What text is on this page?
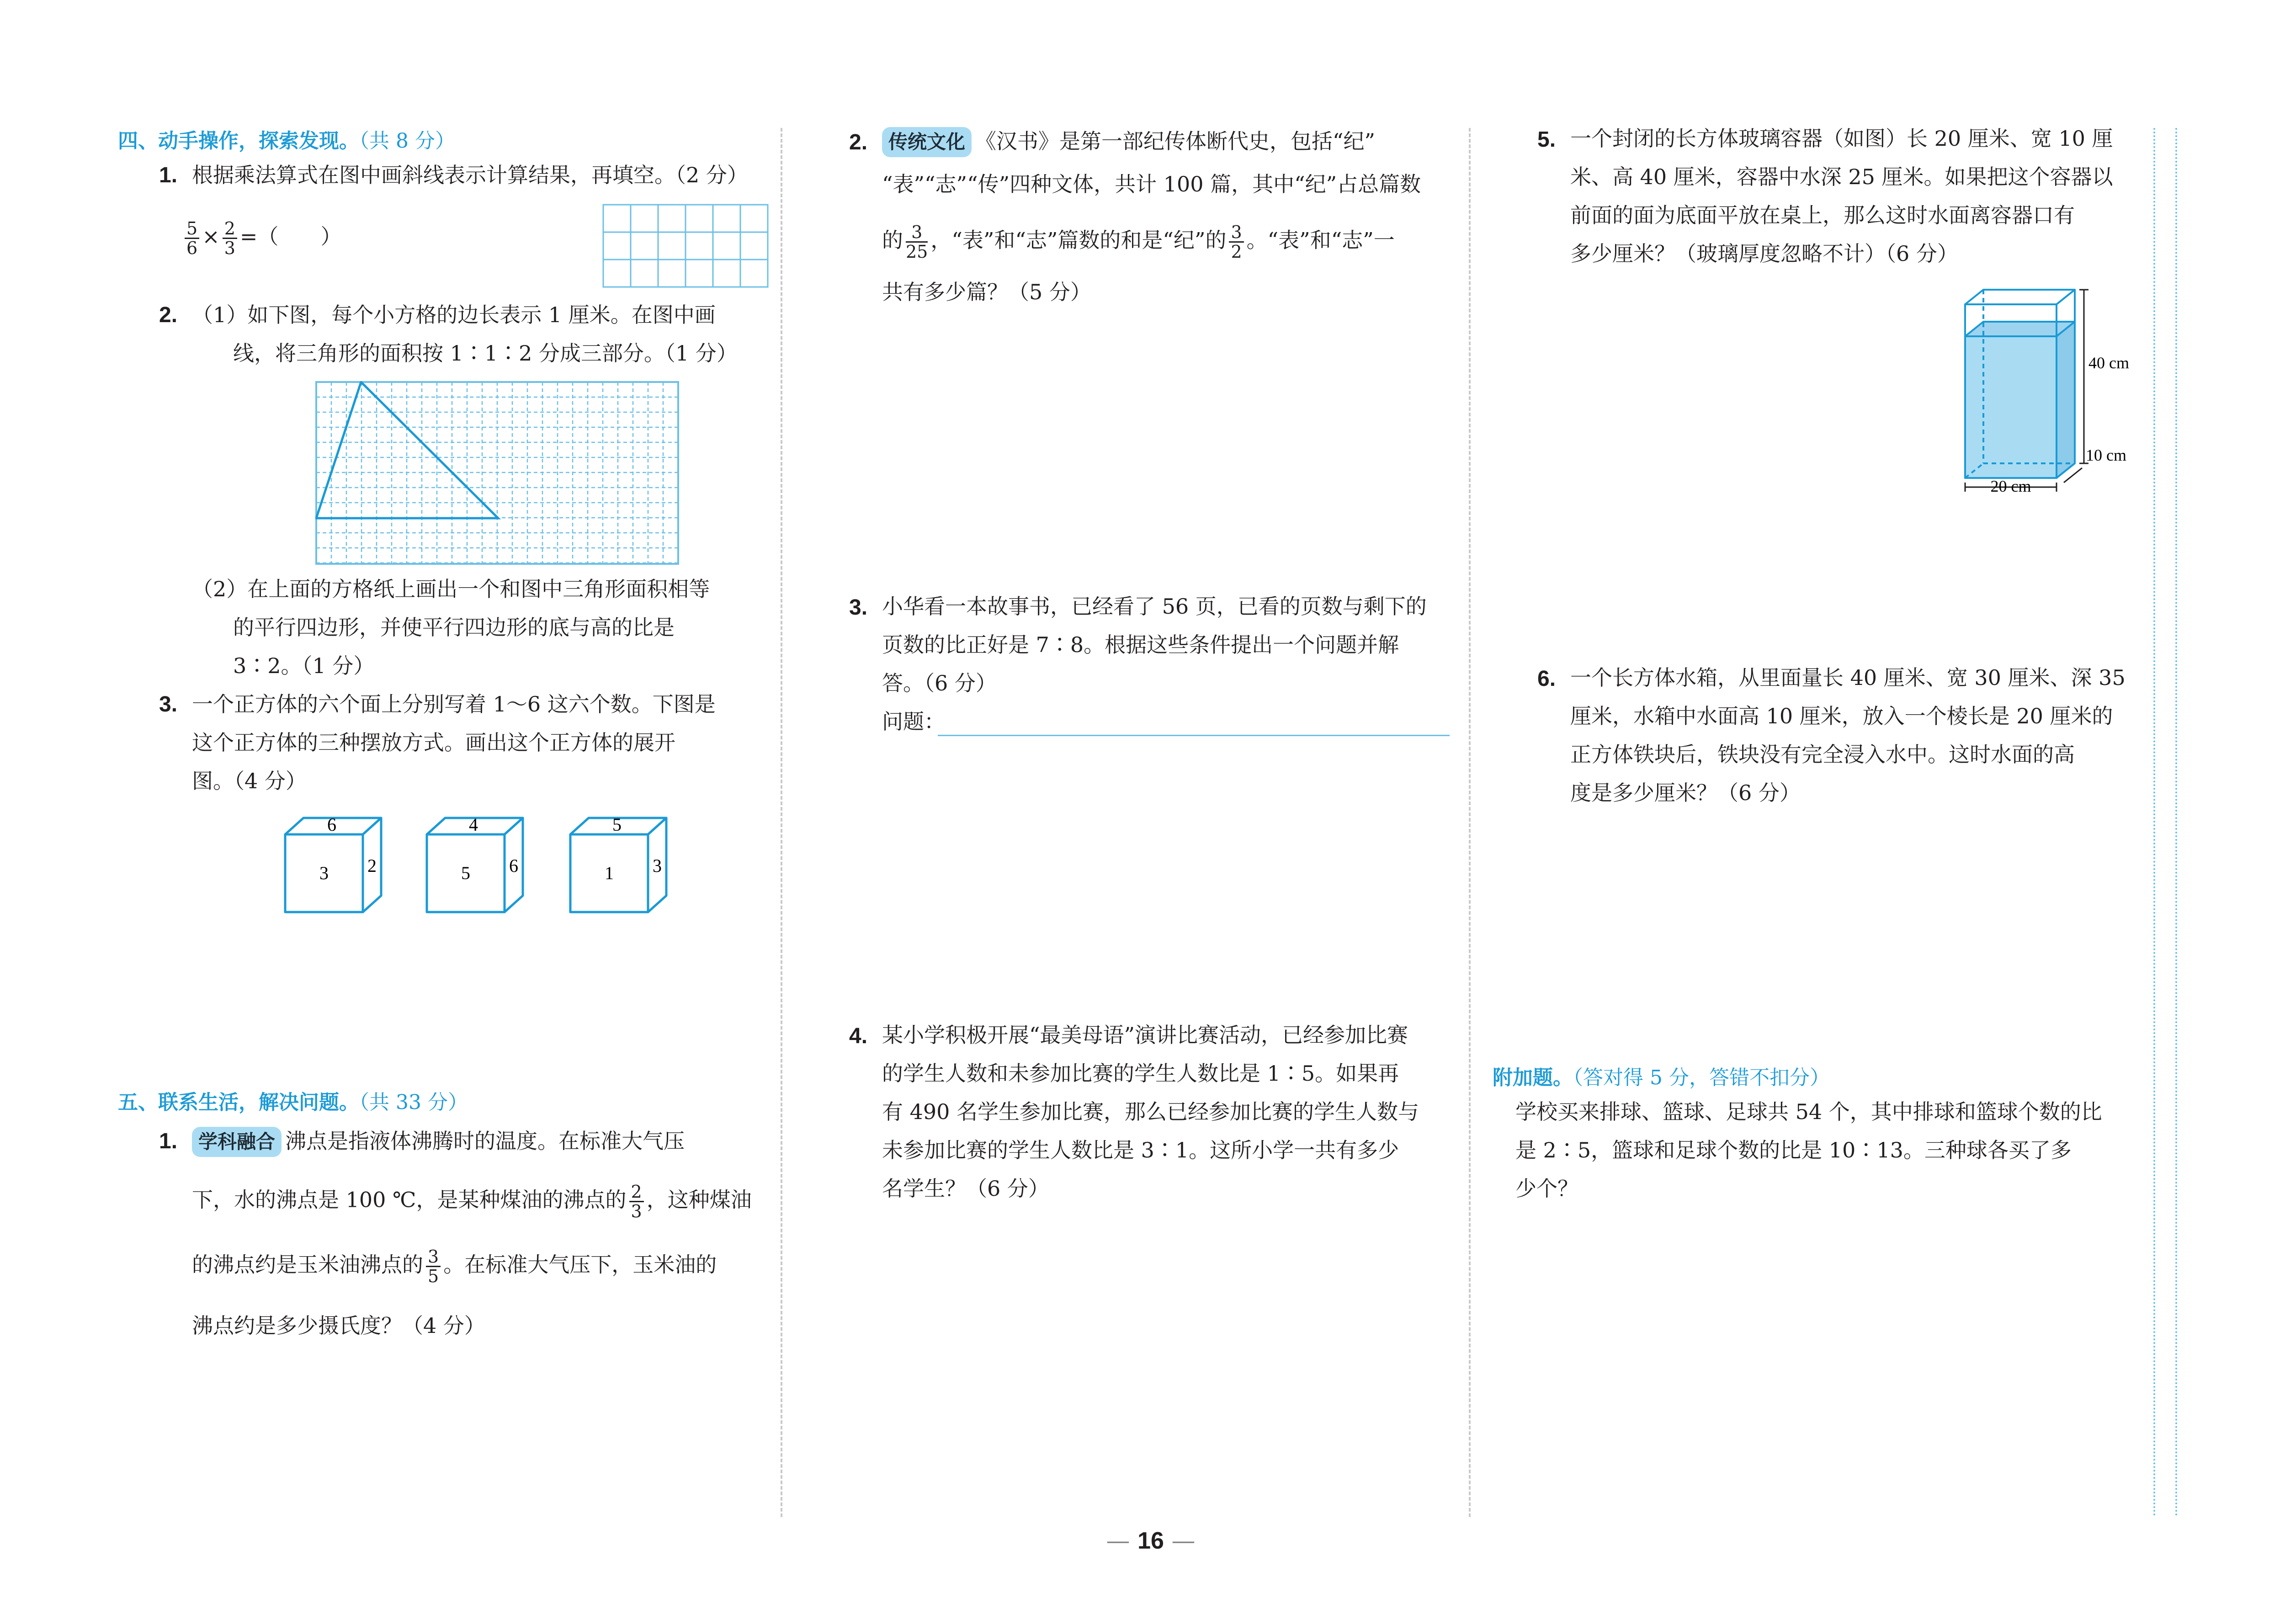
四、动手操作，探索发现。（共 8 分）
1. 根据乘法算式在图中画斜线表示计算结果，再填空。（2 分）
$\frac{5}{6} \times \frac{2}{3}$ =（　　）
2. （1）如下图，每个小方格的边长表示 1 厘米。在图中画
线，将三角形的面积按 1∶1∶2 分成三部分。（1 分）
（2）在上面的方格纸上画出一个和图中三角形面积相等
的平行四边形，并使平行四边形的底与高的比是
3∶2。（1 分）
3. 一个正方体的六个面上分别写着 1～6 这六个数。下图是
这个正方体的三种摆放方式。画出这个正方体的展开
图。（4 分）
6
3 2
4
5 6
5
1 3
五、联系生活，解决问题。（共 33 分）
1.	学科融合 沸点是指液体沸腾时的温度。在标准大气压
下，水的沸点是 100 ℃，是某种煤油的沸点的 $\frac{2}{3}$ ，这种煤油
的沸点约是玉米油沸点的 $\frac{3}{5}$ 。在标准大气压下，玉米油的
沸点约是多少摄氏度？（4 分）
2.	传统文化 《汉书》是第一部纪传体断代史，包括“纪”
“表”“志”“传”四种文体，共计 100 篇，其中“纪”占总篇数
的 $\frac{3}{25}$ ，“表”和“志”篇数的和是“纪”的 $\frac{3}{2}$ 。“表”和“志”一
共有多少篇？（5 分）
3. 小华看一本故事书，已经看了 56 页，已看的页数与剩下的
页数的比正好是 7∶8。根据这些条件提出一个问题并解
答。（6 分）
问题：
4. 某小学积极开展“最美母语”演讲比赛活动，已经参加比赛
的学生人数和未参加比赛的学生人数比是 1∶5。如果再
有 490 名学生参加比赛，那么已经参加比赛的学生人数与
未参加比赛的学生人数比是 3∶1。这所小学一共有多少
名学生？（6 分）
5. 一个封闭的长方体玻璃容器（如图）长 20 厘米、宽 10 厘
米、高 40 厘米，容器中水深 25 厘米。如果把这个容器以
前面的面为底面平放在桌上，那么这时水面离容器口有
多少厘米？（玻璃厚度忽略不计）（6 分）
40 cm
10 cm
20 cm
6. 一个长方体水箱，从里面量长 40 厘米、宽 30 厘米、深 35
厘米，水箱中水面高 10 厘米，放入一个棱长是 20 厘米的
正方体铁块后，铁块没有完全浸入水中。这时水面的高
度是多少厘米？（6 分）
附加题。（答对得 5 分，答错不扣分）
学校买来排球、篮球、足球共 54 个，其中排球和篮球个数的比
是 2∶5，篮球和足球个数的比是 10∶13。三种球各买了多
少个？
— 16 —
